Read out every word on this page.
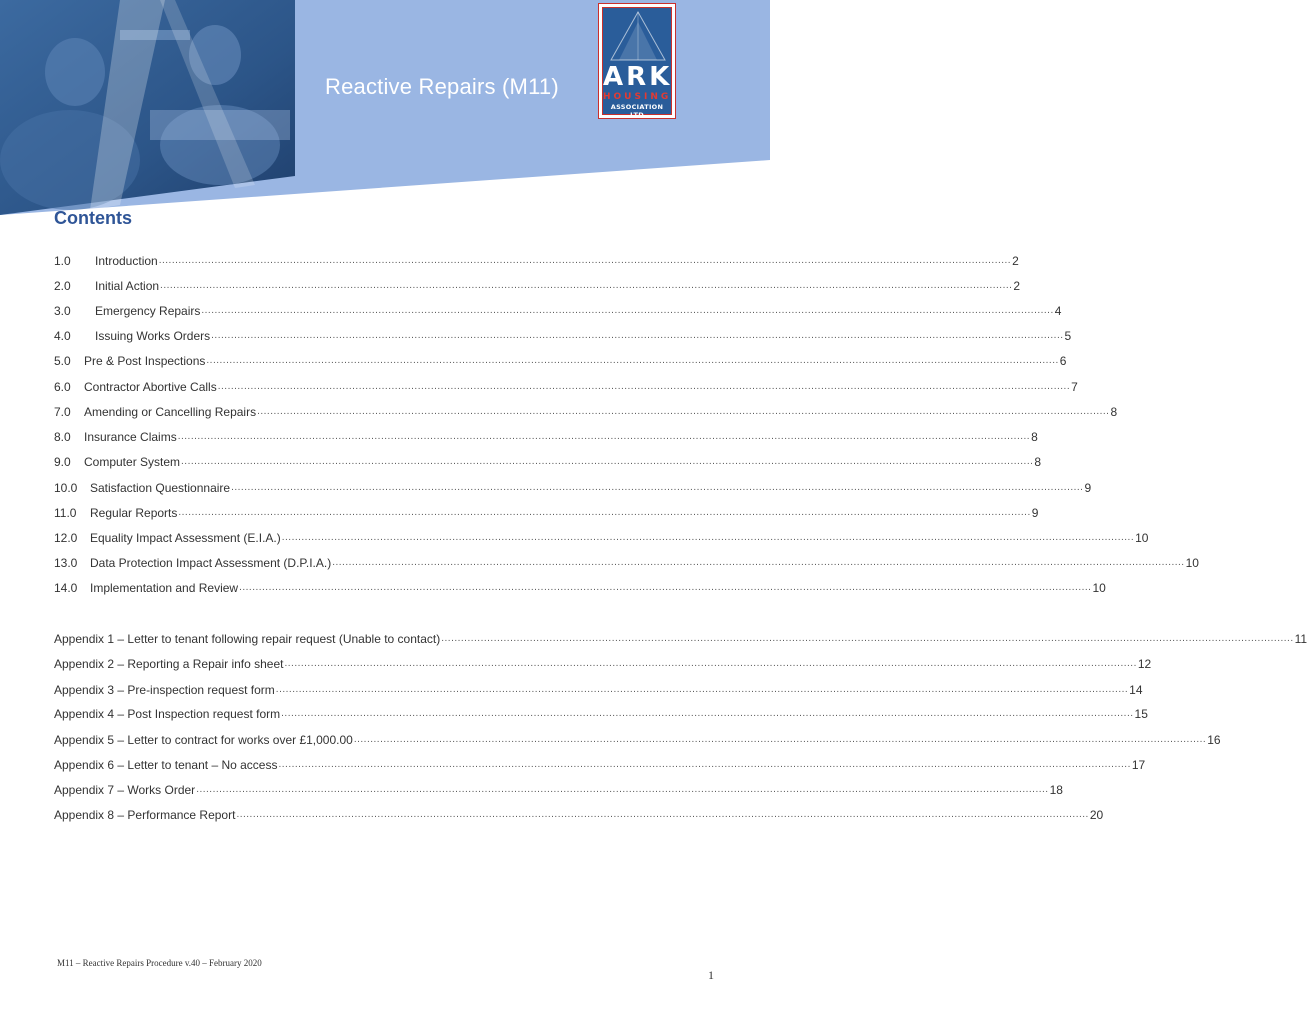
Reactive Repairs (M11) ARK
HOUSING
ASSOCIATION LTD
Contents
1.0	Introduction .................................................................................................................................................................................................................................................................... 2
2.0	Initial Action .................................................................................................................................................................................................................................................................... 2
3.0	Emergency Repairs .................................................................................................................................................................................................................................................................... 4
4.0	Issuing Works Orders .................................................................................................................................................................................................................................................................... 5
5.0	Pre & Post Inspections .................................................................................................................................................................................................................................................................... 6
6.0	Contractor Abortive Calls .................................................................................................................................................................................................................................................................... 7
7.0	Amending or Cancelling Repairs .................................................................................................................................................................................................................................................................... 8
8.0	Insurance Claims .................................................................................................................................................................................................................................................................... 8
9.0	Computer System .................................................................................................................................................................................................................................................................... 8
10.0	Satisfaction Questionnaire .................................................................................................................................................................................................................................................................... 9
11.0	Regular Reports .................................................................................................................................................................................................................................................................... 9
12.0	Equality Impact Assessment (E.I.A.) .................................................................................................................................................................................................................................................................... 10
13.0	Data Protection Impact Assessment (D.P.I.A.) .................................................................................................................................................................................................................................................................... 10
14.0	Implementation and Review .................................................................................................................................................................................................................................................................... 10
Appendix 1 – Letter to tenant following repair request (Unable to contact) .................................................................................................................................................................................................................................................................... 11
Appendix 2 – Reporting a Repair info sheet .................................................................................................................................................................................................................................................................... 12
Appendix 3 – Pre-inspection request form .................................................................................................................................................................................................................................................................... 14
Appendix 4 – Post Inspection request form .................................................................................................................................................................................................................................................................... 15
Appendix 5 – Letter to contract for works over £1,000.00 .................................................................................................................................................................................................................................................................... 16
Appendix 6 – Letter to tenant – No access .................................................................................................................................................................................................................................................................... 17
Appendix 7 – Works Order .................................................................................................................................................................................................................................................................... 18
Appendix 8 – Performance Report .................................................................................................................................................................................................................................................................... 20
M11 – Reactive Repairs Procedure v.40 – February 2020
1
